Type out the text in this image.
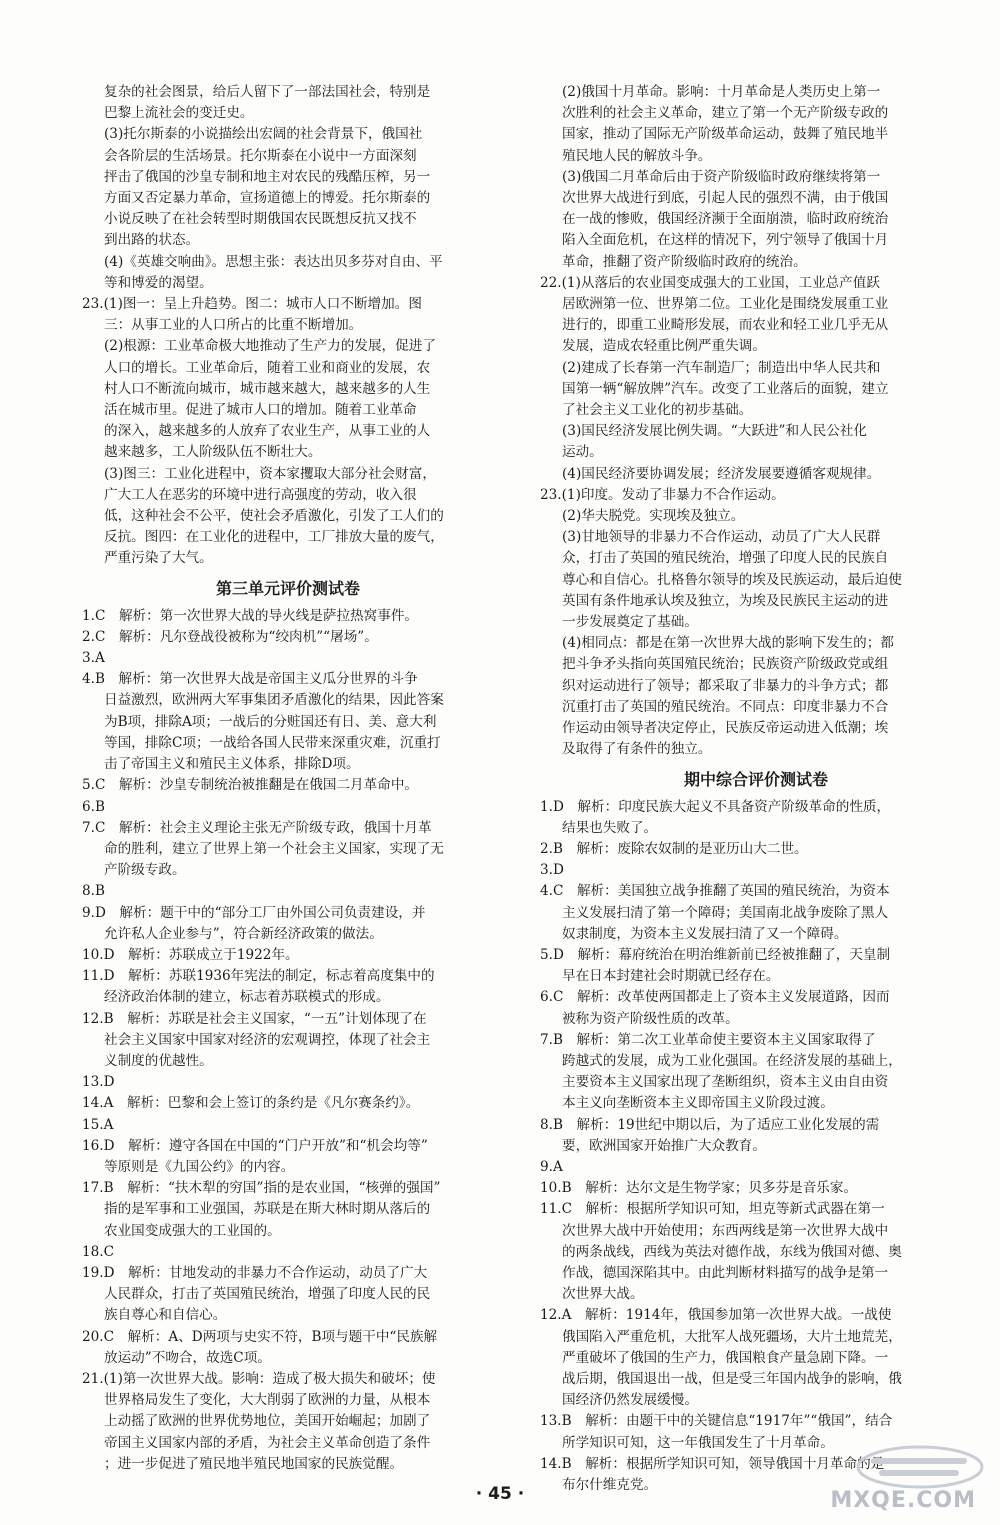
复杂的社会图景，给后人留下了一部法国社会，特别是
巴黎上流社会的变迁史。
(3)托尔斯泰的小说描绘出宏阔的社会背景下，俄国社
会各阶层的生活场景。托尔斯泰在小说中一方面深刻
抨击了俄国的沙皇专制和地主对农民的残酷压榨，另一
方面又否定暴力革命，宣扬道德上的博爱。托尔斯泰的
小说反映了在社会转型时期俄国农民既想反抗又找不
到出路的状态。
(4)《英雄交响曲》。思想主张：表达出贝多芬对自由、平
等和博爱的渴望。
23.(1)图一：呈上升趋势。图二：城市人口不断增加。图
三：从事工业的人口所占的比重不断增加。
(2)根源：工业革命极大地推动了生产力的发展，促进了
人口的增长。工业革命后，随着工业和商业的发展，农
村人口不断流向城市，城市越来越大，越来越多的人生
活在城市里。促进了城市人口的增加。随着工业革命
的深入，越来越多的人放弃了农业生产，从事工业的人
越来越多，工人阶级队伍不断壮大。
(3)图三：工业化进程中，资本家攫取大部分社会财富，
广大工人在恶劣的环境中进行高强度的劳动，收入很
低，这种社会不公平，使社会矛盾激化，引发了工人们的
反抗。图四：在工业化的进程中，工厂排放大量的废气，
严重污染了大气。
第三单元评价测试卷
1.C　解析：第一次世界大战的导火线是萨拉热窝事件。
2.C　解析：凡尔登战役被称为“绞肉机”“屠场”。
3.A
4.B　解析：第一次世界大战是帝国主义瓜分世界的斗争
日益激烈，欧洲两大军事集团矛盾激化的结果，因此答案
为B项，排除A项；一战后的分赃国还有日、美、意大利
等国，排除C项；一战给各国人民带来深重灾难，沉重打
击了帝国主义和殖民主义体系，排除D项。
5.C　解析：沙皇专制统治被推翻是在俄国二月革命中。
6.B
7.C　解析：社会主义理论主张无产阶级专政，俄国十月革
命的胜利，建立了世界上第一个社会主义国家，实现了无
产阶级专政。
8.B
9.D　解析：题干中的“部分工厂由外国公司负责建设，并
允许私人企业参与”，符合新经济政策的做法。
10.D　解析：苏联成立于1922年。
11.D　解析：苏联1936年宪法的制定，标志着高度集中的
经济政治体制的建立，标志着苏联模式的形成。
12.B　解析：苏联是社会主义国家，“一五”计划体现了在
社会主义国家中国家对经济的宏观调控，体现了社会主
义制度的优越性。
13.D
14.A　解析：巴黎和会上签订的条约是《凡尔赛条约》。
15.A
16.D　解析：遵守各国在中国的“门户开放”和“机会均等”
等原则是《九国公约》的内容。
17.B　解析：“扶木犁的穷国”指的是农业国，“核弹的强国”
指的是军事和工业强国，苏联是在斯大林时期从落后的
农业国变成强大的工业国的。
18.C
19.D　解析：甘地发动的非暴力不合作运动，动员了广大
人民群众，打击了英国殖民统治，增强了印度人民的民
族自尊心和自信心。
20.C　解析：A、D两项与史实不符，B项与题干中“民族解
放运动”不吻合，故选C项。
21.(1)第一次世界大战。影响：造成了极大损失和破坏；使
世界格局发生了变化，大大削弱了欧洲的力量，从根本
上动摇了欧洲的世界优势地位，美国开始崛起；加剧了
帝国主义国家内部的矛盾，为社会主义革命创造了条件
；进一步促进了殖民地半殖民地国家的民族觉醒。
(2)俄国十月革命。影响：十月革命是人类历史上第一
次胜利的社会主义革命，建立了第一个无产阶级专政的
国家，推动了国际无产阶级革命运动，鼓舞了殖民地半
殖民地人民的解放斗争。
(3)俄国二月革命后由于资产阶级临时政府继续将第一
次世界大战进行到底，引起人民的强烈不满，由于俄国
在一战的惨败，俄国经济濒于全面崩溃，临时政府统治
陷入全面危机，在这样的情况下，列宁领导了俄国十月
革命，推翻了资产阶级临时政府的统治。
22.(1)从落后的农业国变成强大的工业国，工业总产值跃
居欧洲第一位、世界第二位。工业化是围绕发展重工业
进行的，即重工业畸形发展，而农业和轻工业几乎无从
发展，造成农轻重比例严重失调。
(2)建成了长春第一汽车制造厂；制造出中华人民共和
国第一辆“解放牌”汽车。改变了工业落后的面貌，建立
了社会主义工业化的初步基础。
(3)国民经济发展比例失调。“大跃进”和人民公社化
运动。
(4)国民经济要协调发展；经济发展要遵循客观规律。
23.(1)印度。发动了非暴力不合作运动。
(2)华夫脱党。实现埃及独立。
(3)甘地领导的非暴力不合作运动，动员了广大人民群
众，打击了英国的殖民统治，增强了印度人民的民族自
尊心和自信心。扎格鲁尔领导的埃及民族运动，最后迫使
英国有条件地承认埃及独立，为埃及民族民主运动的进
一步发展奠定了基础。
(4)相同点：都是在第一次世界大战的影响下发生的；都
把斗争矛头指向英国殖民统治；民族资产阶级政党或组
织对运动进行了领导；都采取了非暴力的斗争方式；都
沉重打击了英国的殖民统治。不同点：印度非暴力不合
作运动由领导者决定停止，民族反帝运动进入低潮；埃
及取得了有条件的独立。
期中综合评价测试卷
1.D　解析：印度民族大起义不具备资产阶级革命的性质，
结果也失败了。
2.B　解析：废除农奴制的是亚历山大二世。
3.D
4.C　解析：美国独立战争推翻了英国的殖民统治，为资本
主义发展扫清了第一个障碍；美国南北战争废除了黑人
奴隶制度，为资本主义发展扫清了又一个障碍。
5.D　解析：幕府统治在明治维新前已经被推翻了，天皇制
早在日本封建社会时期就已经存在。
6.C　解析：改革使两国都走上了资本主义发展道路，因而
被称为资产阶级性质的改革。
7.B　解析：第二次工业革命使主要资本主义国家取得了
跨越式的发展，成为工业化强国。在经济发展的基础上，
主要资本主义国家出现了垄断组织，资本主义由自由资
本主义向垄断资本主义即帝国主义阶段过渡。
8.B　解析：19世纪中期以后，为了适应工业化发展的需
要，欧洲国家开始推广大众教育。
9.A
10.B　解析：达尔文是生物学家；贝多芬是音乐家。
11.C　解析：根据所学知识可知，坦克等新式武器在第一
次世界大战中开始使用；东西两线是第一次世界大战中
的两条战线，西线为英法对德作战，东线为俄国对德、奥
作战，德国深陷其中。由此判断材料描写的战争是第一
次世界大战。
12.A　解析：1914年，俄国参加第一次世界大战。一战使
俄国陷入严重危机，大批军人战死疆场，大片土地荒芜，
严重破坏了俄国的生产力，俄国粮食产量急剧下降。一
战后期，俄国退出一战，但是受三年国内战争的影响，俄
国经济仍然发展缓慢。
13.B　解析：由题干中的关键信息“1917年”“俄国”，结合
所学知识可知，这一年俄国发生了十月革命。
14.B　解析：根据所学知识可知，领导俄国十月革命的是
布尔什维克党。
· 45 ·	MXQE.COM
